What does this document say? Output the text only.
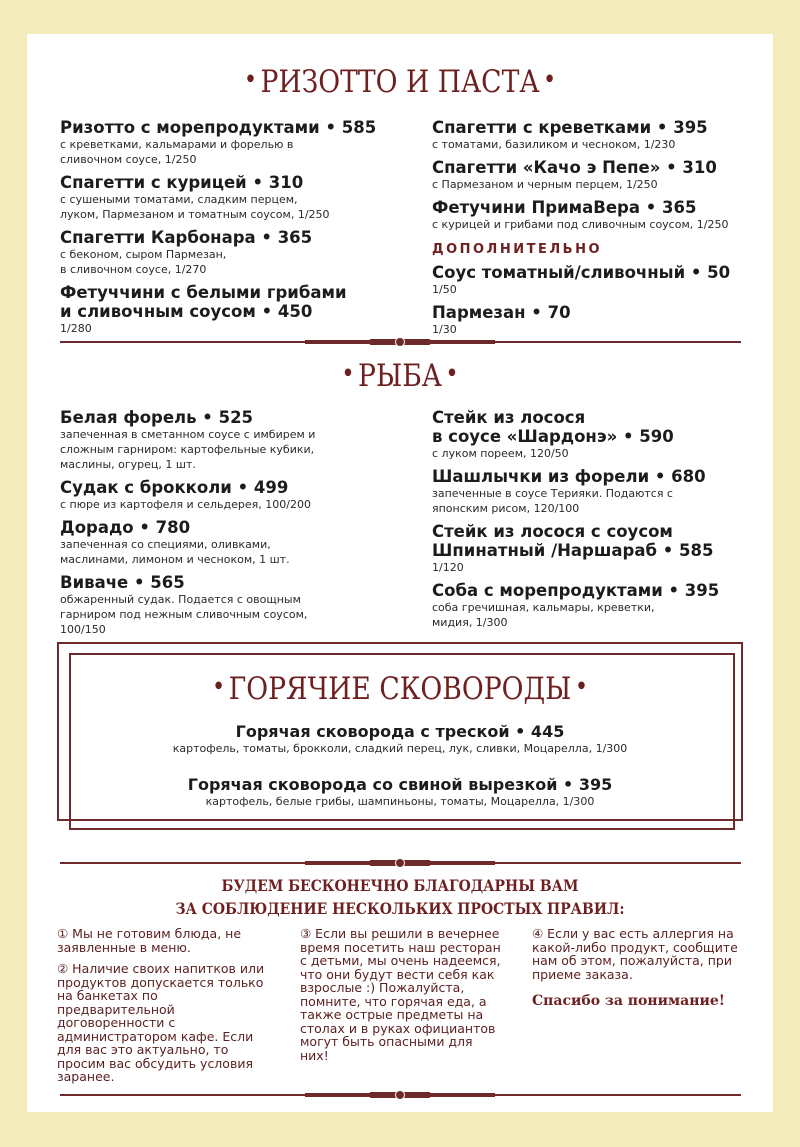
• РИЗОТТО И ПАСТА •
Ризотто с морепродуктами • 585
с креветками, кальмарами и форелью в
сливочном соусе, 1/250
Спагетти с курицей • 310
с сушеными томатами, сладким перцем,
луком, Пармезаном и томатным соусом, 1/250
Спагетти Карбонара • 365
с беконом, сыром Пармезан,
в сливочном соусе, 1/270
Фетуччини с белыми грибами
и сливочным соусом • 450
1/280
Спагетти с креветками • 395
с томатами, базиликом и чесноком, 1/230
Спагетти «Качо э Пепе» • 310
с Пармезаном и черным перцем, 1/250
Фетучини ПримаВера • 365
с курицей и грибами под сливочным соусом, 1/250
ДОПОЛНИТЕЛЬНО
Соус томатный/сливочный • 50
1/50
Пармезан • 70
1/30
• РЫБА •
Белая форель • 525
запеченная в сметанном соусе с имбирем и
сложным гарниром: картофельные кубики,
маслины, огурец, 1 шт.
Судак с брокколи • 499
с пюре из картофеля и сельдерея, 100/200
Дорадо • 780
запеченная со специями, оливками,
маслинами, лимоном и чесноком, 1 шт.
Виваче • 565
обжаренный судак. Подается с овощным
гарниром под нежным сливочным соусом,
100/150
Стейк из лосося
в соусе «Шардонэ» • 590
с луком пореем, 120/50
Шашлычки из форели • 680
запеченные в соусе Терияки. Подаются с
японским рисом, 120/100
Стейк из лосося с соусом
Шпинатный /Наршараб • 585
1/120
Соба с морепродуктами • 395
соба гречишная, кальмары, креветки,
мидия, 1/300
• ГОРЯЧИЕ СКОВОРОДЫ •
Горячая сковорода с треской • 445
картофель, томаты, брокколи, сладкий перец, лук, сливки, Моцарелла, 1/300
Горячая сковорода со свиной вырезкой • 395
картофель, белые грибы, шампиньоны, томаты, Моцарелла, 1/300
БУДЕМ БЕСКОНЕЧНО БЛАГОДАРНЫ ВАМ
ЗА СОБЛЮДЕНИЕ НЕСКОЛЬКИХ ПРОСТЫХ ПРАВИЛ:

① Мы не готовим блюда, не заявленные в меню.

② Наличие своих напитков или продуктов допускается только на банкетах по предварительной договоренности с администратором кафе. Если для вас это актуально, то просим вас обсудить условия заранее.

③ Если вы решили в вечернее время посетить наш ресторан с детьми, мы очень надеемся, что они будут вести себя как взрослые :) Пожалуйста, помните, что горячая еда, а также острые предметы на столах и в руках официантов могут быть опасными для них!

④ Если у вас есть аллергия на какой-либо продукт, сообщите нам об этом, пожалуйста, при приеме заказа.

Спасибо за понимание!
